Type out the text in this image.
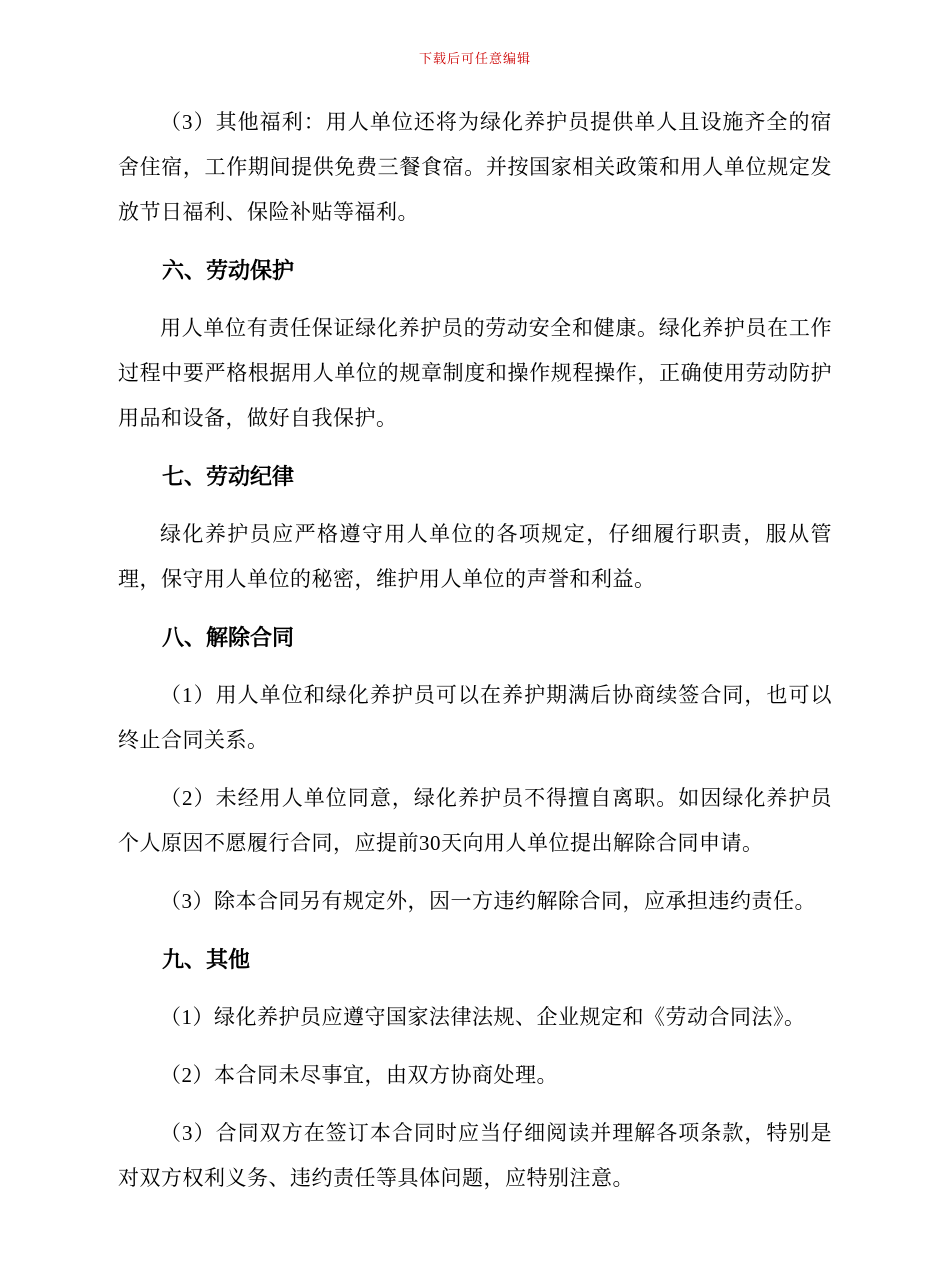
下载后可任意编辑

（3）其他福利：用人单位还将为绿化养护员提供单人且设施齐全的宿舍住宿，工作期间提供免费三餐食宿。并按国家相关政策和用人单位规定发放节日福利、保险补贴等福利。

六、劳动保护

用人单位有责任保证绿化养护员的劳动安全和健康。绿化养护员在工作过程中要严格根据用人单位的规章制度和操作规程操作，正确使用劳动防护用品和设备，做好自我保护。

七、劳动纪律

绿化养护员应严格遵守用人单位的各项规定，仔细履行职责，服从管理，保守用人单位的秘密，维护用人单位的声誉和利益。

八、解除合同

（1）用人单位和绿化养护员可以在养护期满后协商续签合同，也可以终止合同关系。

（2）未经用人单位同意，绿化养护员不得擅自离职。如因绿化养护员个人原因不愿履行合同，应提前30天向用人单位提出解除合同申请。

（3）除本合同另有规定外，因一方违约解除合同，应承担违约责任。

九、其他

（1）绿化养护员应遵守国家法律法规、企业规定和《劳动合同法》。

（2）本合同未尽事宜，由双方协商处理。

（3）合同双方在签订本合同时应当仔细阅读并理解各项条款，特别是对双方权利义务、违约责任等具体问题，应特别注意。
